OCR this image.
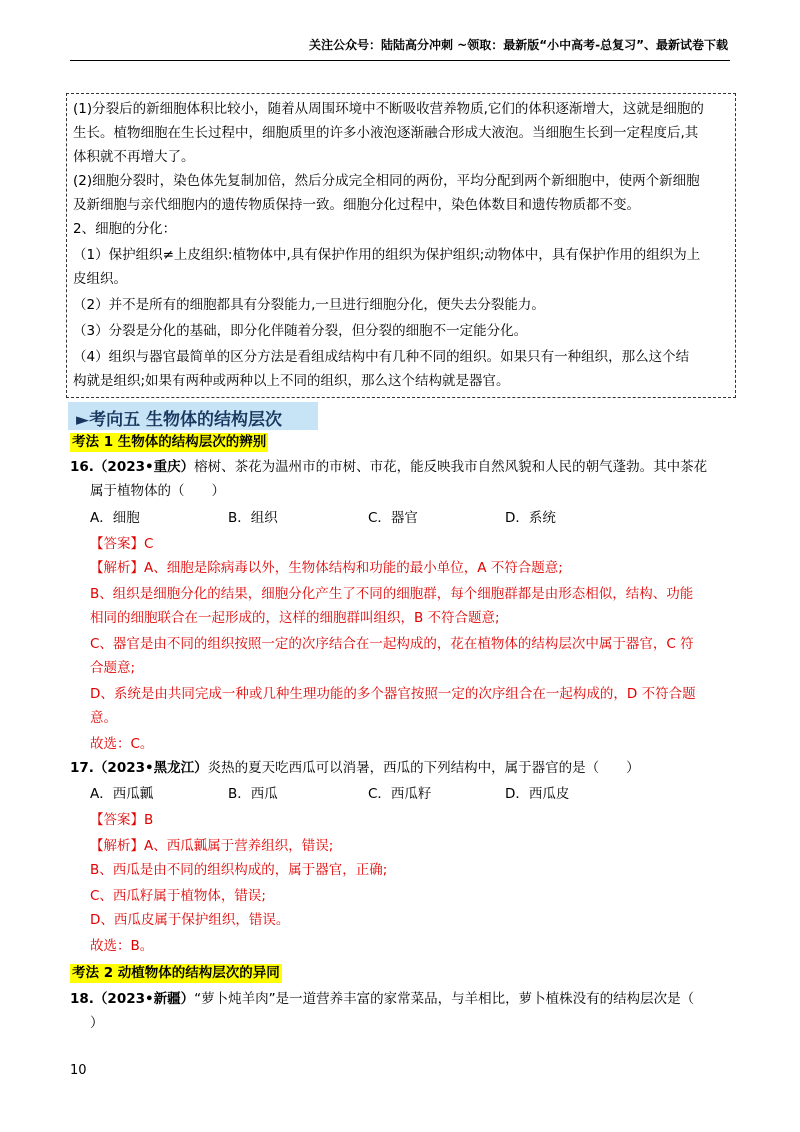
关注公众号：陆陆高分冲刺 ~领取：最新版“小中高考-总复习”、最新试卷下载
(1)分裂后的新细胞体积比较小，随着从周围环境中不断吸收营养物质,它们的体积逐渐增大，这就是细胞的
生长。植物细胞在生长过程中，细胞质里的许多小液泡逐渐融合形成大液泡。当细胞生长到一定程度后,其
体积就不再增大了。
(2)细胞分裂时，染色体先复制加倍，然后分成完全相同的两份，平均分配到两个新细胞中，使两个新细胞
及新细胞与亲代细胞内的遗传物质保持一致。细胞分化过程中，染色体数目和遗传物质都不变。
2、细胞的分化：
（1）保护组织≠上皮组织:植物体中,具有保护作用的组织为保护组织;动物体中，具有保护作用的组织为上
皮组织。
（2）并不是所有的细胞都具有分裂能力,一旦进行细胞分化，便失去分裂能力。
（3）分裂是分化的基础，即分化伴随着分裂，但分裂的细胞不一定能分化。
（4）组织与器官最简单的区分方法是看组成结构中有几种不同的组织。如果只有一种组织，那么这个结
构就是组织;如果有两种或两种以上不同的组织，那么这个结构就是器官。
►考向五 生物体的结构层次
考法 1 生物体的结构层次的辨别
16.（2023•重庆）榕树、茶花为温州市的市树、市花，能反映我市自然风貌和人民的朝气蓬勃。其中茶花
属于植物体的（　　）
A．细胞	B．组织	C．器官	D．系统
【答案】C
【解析】A、细胞是除病毒以外，生物体结构和功能的最小单位，A 不符合题意;
B、组织是细胞分化的结果，细胞分化产生了不同的细胞群，每个细胞群都是由形态相似，结构、功能
相同的细胞联合在一起形成的，这样的细胞群叫组织，B 不符合题意;
C、器官是由不同的组织按照一定的次序结合在一起构成的，花在植物体的结构层次中属于器官，C 符
合题意;
D、系统是由共同完成一种或几种生理功能的多个器官按照一定的次序组合在一起构成的，D 不符合题
意。
故选：C。
17.（2023•黑龙江）炎热的夏天吃西瓜可以消暑，西瓜的下列结构中，属于器官的是（　　）
A．西瓜瓤	B．西瓜	C．西瓜籽	D．西瓜皮
【答案】B
【解析】A、西瓜瓤属于营养组织，错误;
B、西瓜是由不同的组织构成的，属于器官，正确;
C、西瓜籽属于植物体，错误;
D、西瓜皮属于保护组织，错误。
故选：B。
考法 2 动植物体的结构层次的异同
18.（2023•新疆）“萝卜炖羊肉”是一道营养丰富的家常菜品，与羊相比，萝卜植株没有的结构层次是（
）
10
